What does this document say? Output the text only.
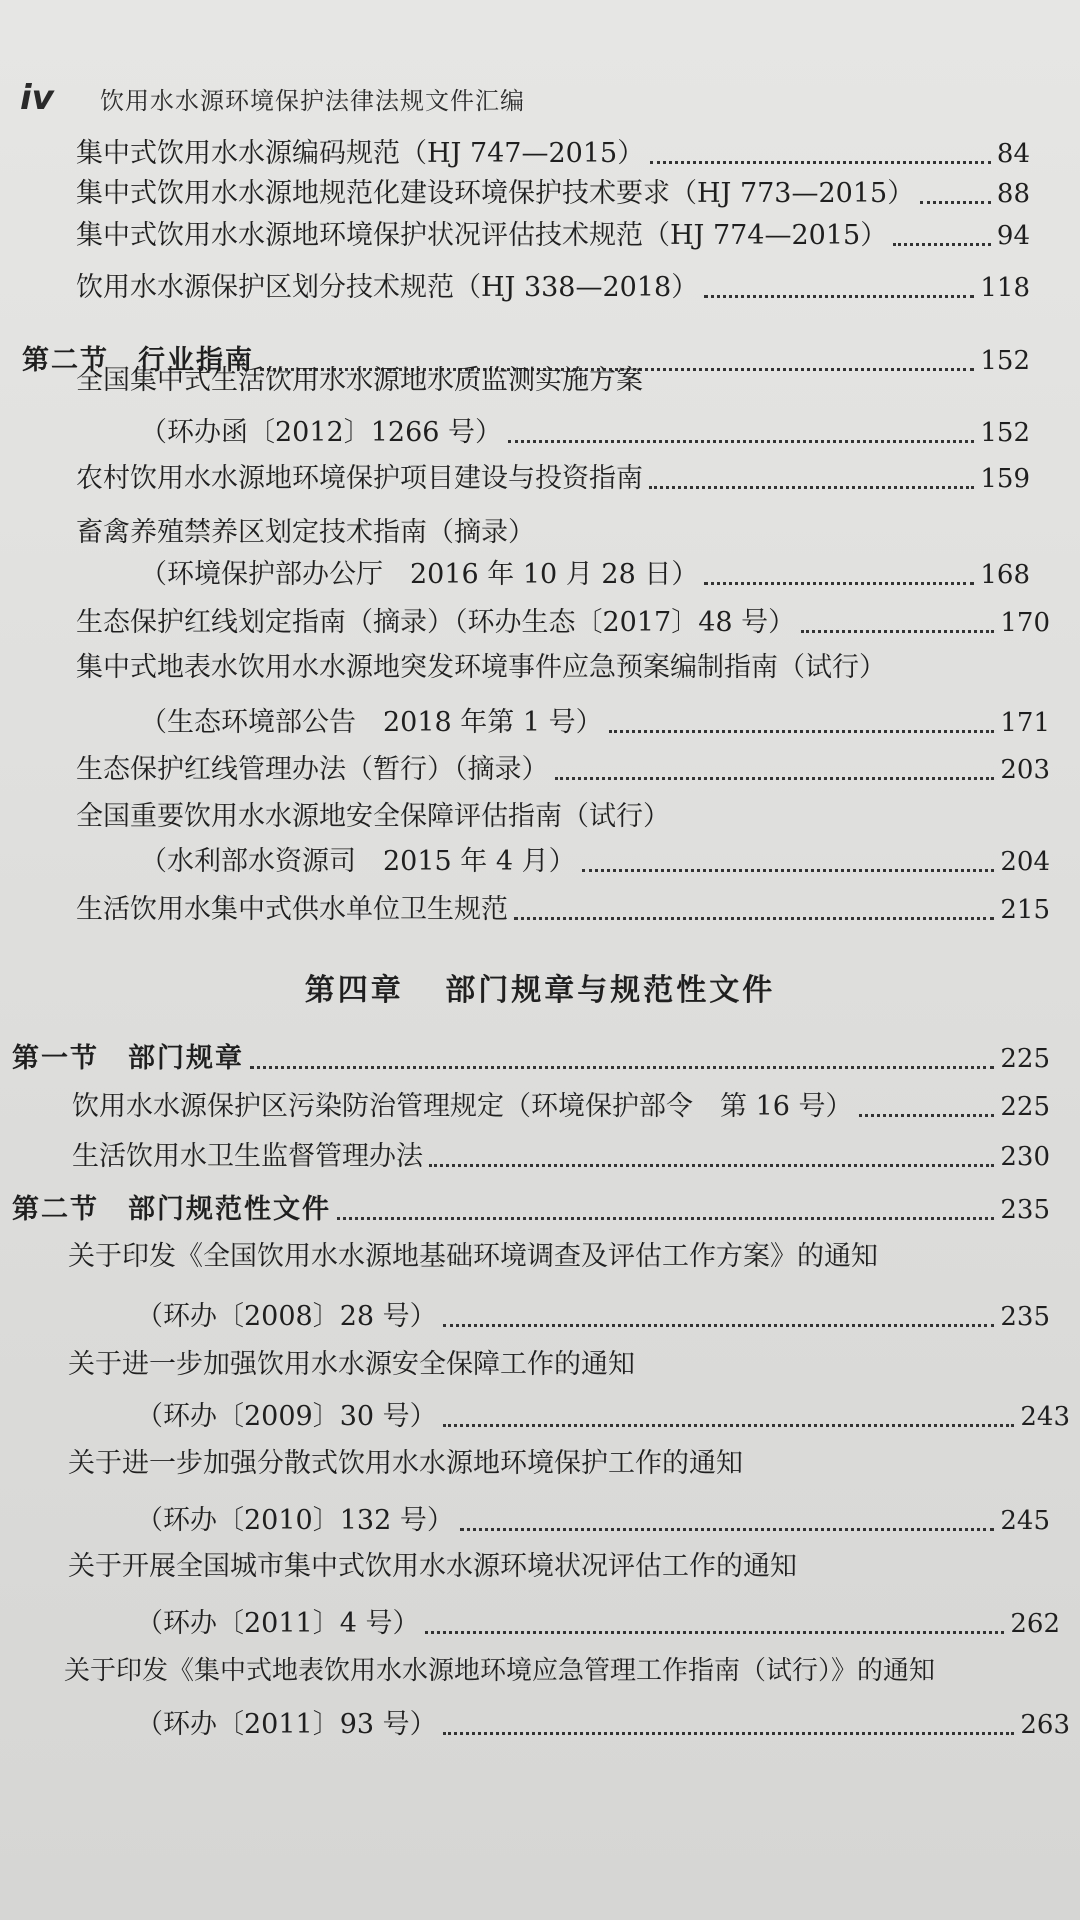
iv	饮用水水源环境保护法律法规文件汇编
集中式饮用水水源编码规范（HJ 747—2015）	84
集中式饮用水水源地规范化建设环境保护技术要求（HJ 773—2015）	88
集中式饮用水水源地环境保护状况评估技术规范（HJ 774—2015）	94
饮用水水源保护区划分技术规范（HJ 338—2018）	118
第二节　行业指南	152
全国集中式生活饮用水水源地水质监测实施方案
（环办函〔2012〕1266 号）	152
农村饮用水水源地环境保护项目建设与投资指南	159
畜禽养殖禁养区划定技术指南（摘录）
（环境保护部办公厅　2016 年 10 月 28 日）	168
生态保护红线划定指南（摘录）（环办生态〔2017〕48 号）	170
集中式地表水饮用水水源地突发环境事件应急预案编制指南（试行）
（生态环境部公告　2018 年第 1 号）	171
生态保护红线管理办法（暂行）（摘录）	203
全国重要饮用水水源地安全保障评估指南（试行）
（水利部水资源司　2015 年 4 月）	204
生活饮用水集中式供水单位卫生规范	215
第四章 部门规章与规范性文件
第一节　部门规章	225
饮用水水源保护区污染防治管理规定（环境保护部令　第 16 号）	225
生活饮用水卫生监督管理办法	230
第二节　部门规范性文件	235
关于印发《全国饮用水水源地基础环境调查及评估工作方案》的通知
（环办〔2008〕28 号）	235
关于进一步加强饮用水水源安全保障工作的通知
（环办〔2009〕30 号）	243
关于进一步加强分散式饮用水水源地环境保护工作的通知
（环办〔2010〕132 号）	245
关于开展全国城市集中式饮用水水源环境状况评估工作的通知
（环办〔2011〕4 号）	262
关于印发《集中式地表饮用水水源地环境应急管理工作指南（试行）》的通知
（环办〔2011〕93 号）	263
